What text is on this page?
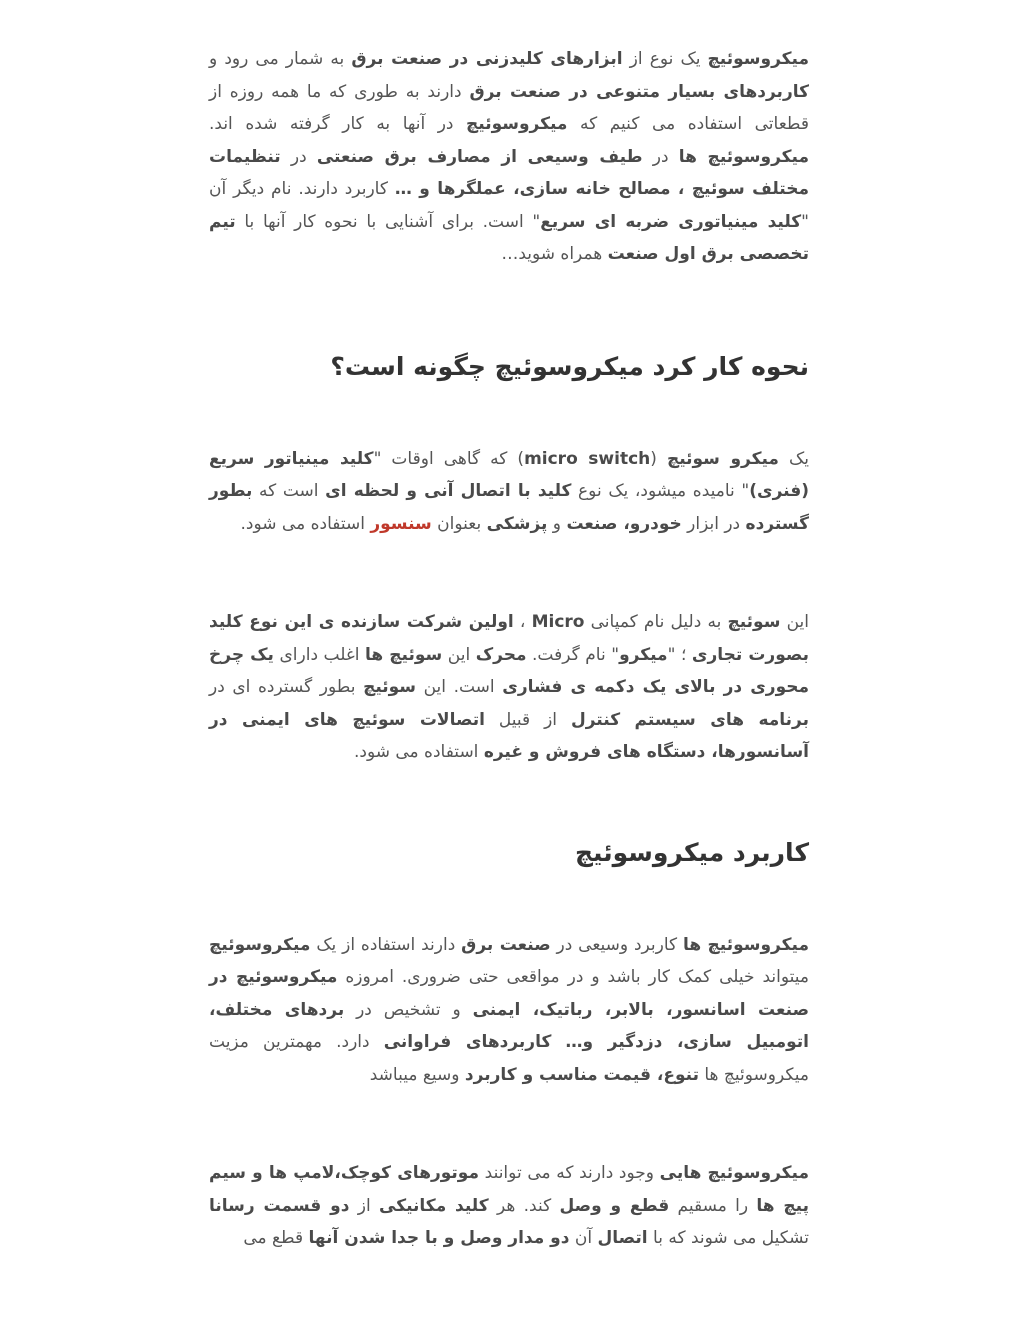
میکروسوئیچ یک نوع از ابزارهای کلیدزنی در صنعت برق به شمار می رود و کاربردهای بسیار متنوعی در صنعت برق دارند به طوری که ما همه روزه از قطعاتی استفاده می کنیم که میکروسوئیچ در آنها به کار گرفته شده اند. میکروسوئیچ ها در طیف وسیعی از مصارف برق صنعتی در تنظیمات مختلف سوئیچ ، مصالح خانه سازی، عملگرها و … کاربرد دارند. نام دیگر آن "کلید مینیاتوری ضربه ای سریع" است. برای آشنایی با نحوه کار آنها با تیم تخصصی برق اول صنعت همراه شوید…

نحوه کار کرد میکروسوئیچ چگونه است؟

یک میکرو سوئیچ (micro switch) که گاهی اوقات "کلید مینیاتور سریع (فنری)" نامیده میشود، یک نوع کلید با اتصال آنی و لحظه ای است که بطور گسترده در ابزار خودرو، صنعت و پزشکی بعنوان سنسور استفاده می شود.

این سوئیچ به دلیل نام کمپانی Micro ، اولین شرکت سازنده ی این نوع کلید بصورت تجاری ؛ "میکرو" نام گرفت. محرک این سوئیچ ها اغلب دارای یک چرخ محوری در بالای یک دکمه ی فشاری است. این سوئیچ بطور گسترده ای در برنامه های سیستم کنترل از قبیل اتصالات سوئیچ های ایمنی در آسانسورها، دستگاه های فروش و غیره استفاده می شود.

کاربرد میکروسوئیچ

میکروسوئیچ ها کاربرد وسیعی در صنعت برق دارند استفاده از یک میکروسوئیچ میتواند خیلی کمک کار باشد و در مواقعی حتی ضروری. امروزه میکروسوئیچ در صنعت اسانسور، بالابر، رباتیک، ایمنی و تشخیص در بردهای مختلف، اتومبیل سازی، دزدگیر و… کاربردهای فراوانی دارد. مهمترین مزیت میکروسوئیچ ها تنوع، قیمت مناسب و کاربرد وسیع میباشد

میکروسوئیچ هایی وجود دارند که می توانند موتورهای کوچک،لامپ ها و سیم پیچ ها را مسقیم قطع و وصل کند. هر کلید مکانیکی از دو قسمت رسانا تشکیل می شوند که با اتصال آن دو مدار وصل و با جدا شدن آنها قطع می
